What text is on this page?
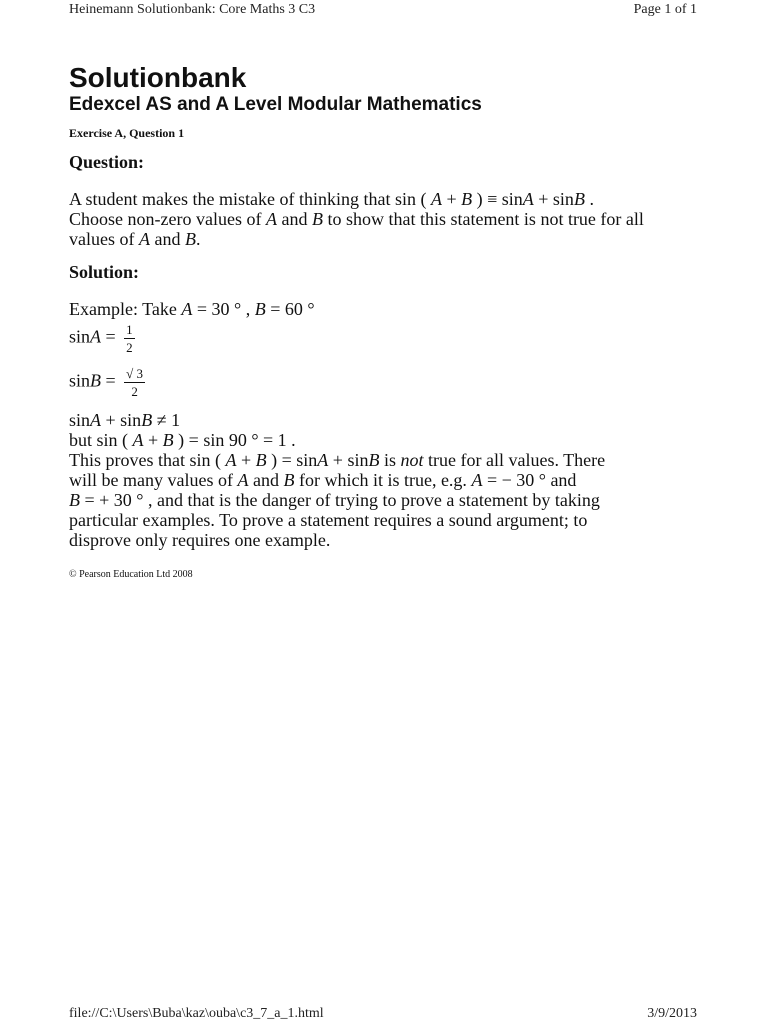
Heinemann Solutionbank: Core Maths 3 C3	Page 1 of 1
Solutionbank
Edexcel AS and A Level Modular Mathematics
Exercise A, Question 1
Question:
A student makes the mistake of thinking that sin ( A + B ) ≡ sinA + sinB .
Choose non-zero values of A and B to show that this statement is not true for all
values of A and B.
Solution:
Example: Take A = 30 ° , B = 60 °
$\sin A = \frac{1}{2}$
$\sin B = \frac{√ 3}{2}$
sinA + sinB ≠ 1
but sin ( A + B ) = sin 90 ° = 1 .
This proves that sin ( A + B ) = sinA + sinB is not true for all values. There
will be many values of A and B for which it is true, e.g. A = − 30 ° and
B = + 30 ° , and that is the danger of trying to prove a statement by taking
particular examples. To prove a statement requires a sound argument; to
disprove only requires one example.
© Pearson Education Ltd 2008
file://C:\Users\Buba\kaz\ouba\c3_7_a_1.html	3/9/2013
